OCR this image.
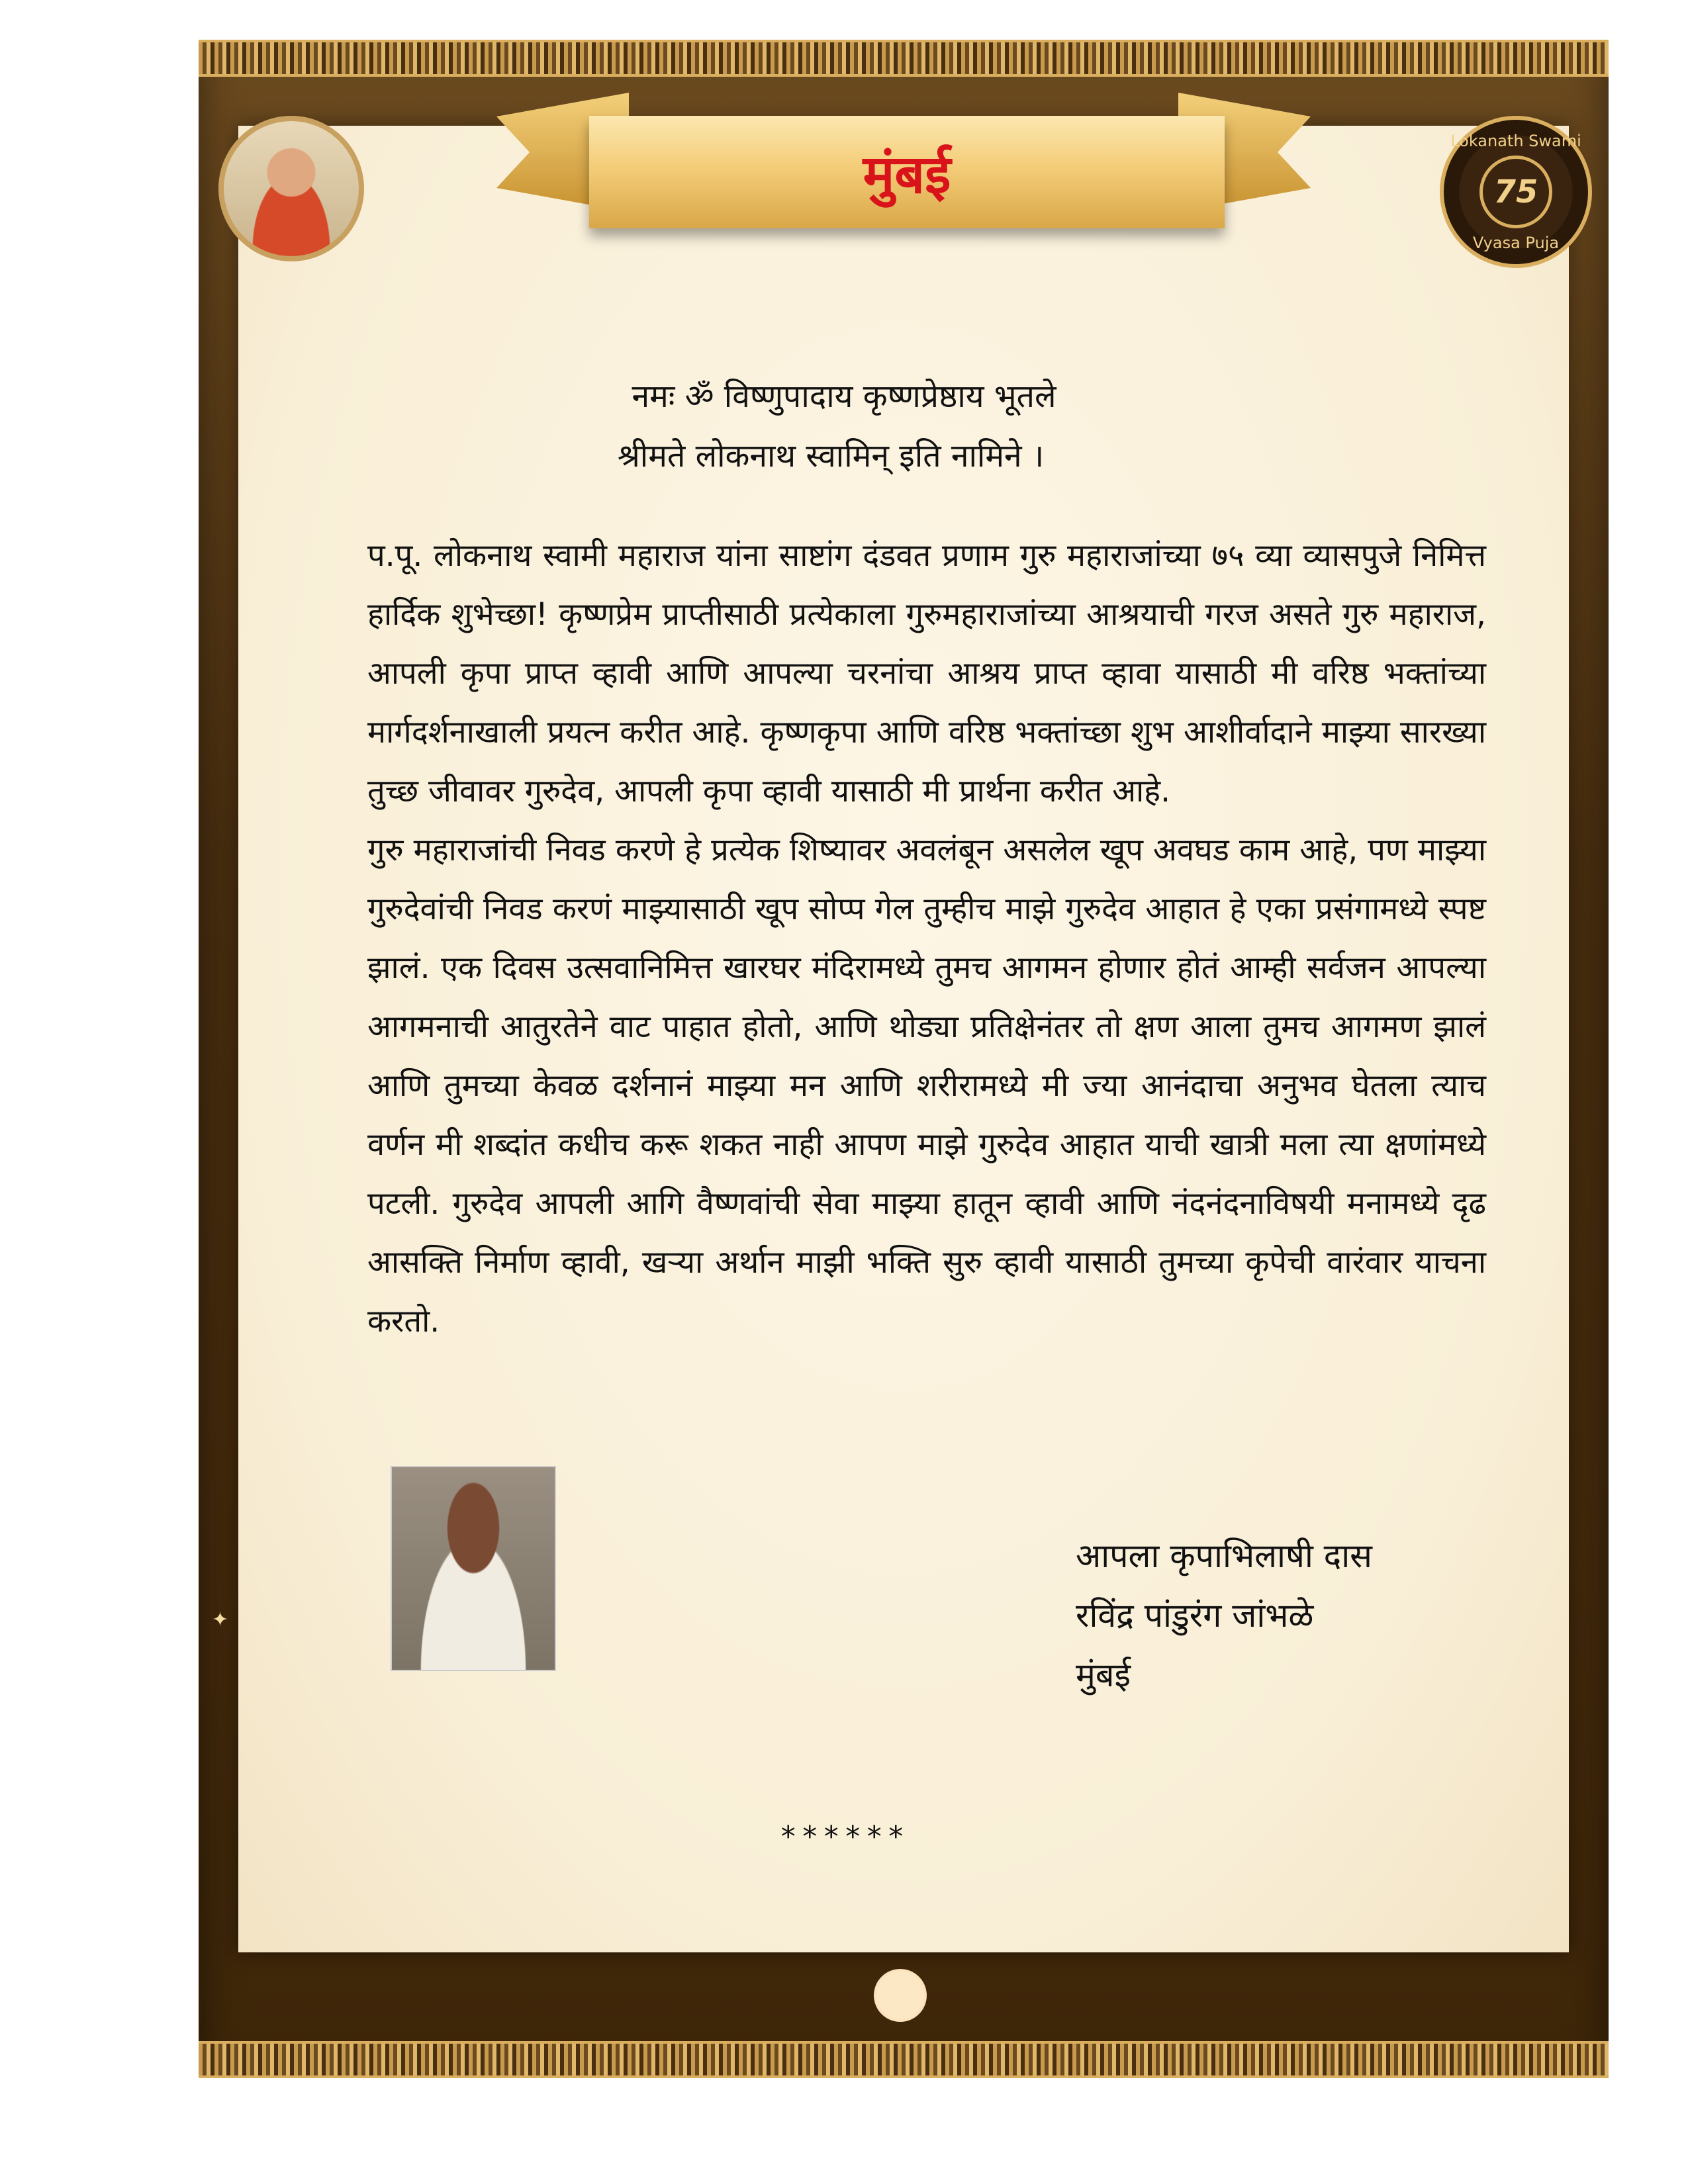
मुंबई
Lokanath Swami
75
Vyasa Puja
नमः ॐ विष्णुपादाय कृष्णप्रेष्ठाय भूतले
श्रीमते लोकनाथ स्वामिन् इति नामिने ।

प.पू. लोकनाथ स्वामी महाराज यांना साष्टांग दंडवत प्रणाम गुरु महाराजांच्या ७५ व्या व्यासपुजे निमित्त हार्दिक शुभेच्छा! कृष्णप्रेम प्राप्तीसाठी प्रत्येकाला गुरुमहाराजांच्या आश्रयाची गरज असते गुरु महाराज, आपली कृपा प्राप्त व्हावी आणि आपल्या चरनांचा आश्रय प्राप्त व्हावा यासाठी मी वरिष्ठ भक्तांच्या मार्गदर्शनाखाली प्रयत्न करीत आहे. कृष्णकृपा आणि वरिष्ठ भक्तांच्छा शुभ आशीर्वादाने माझ्या सारख्या तुच्छ जीवावर गुरुदेव, आपली कृपा व्हावी यासाठी मी प्रार्थना करीत आहे.

गुरु महाराजांची निवड करणे हे प्रत्येक शिष्यावर अवलंबून असलेल खूप अवघड काम आहे, पण माझ्या गुरुदेवांची निवड करणं माझ्यासाठी खूप सोप्प गेल तुम्हीच माझे गुरुदेव आहात हे एका प्रसंगामध्ये स्पष्ट झालं. एक दिवस उत्सवानिमित्त खारघर मंदिरामध्ये तुमच आगमन होणार होतं आम्ही सर्वजन आपल्या आगमनाची आतुरतेने वाट पाहात होतो, आणि थोड्या प्रतिक्षेनंतर तो क्षण आला तुमच आगमण झालं आणि तुमच्या केवळ दर्शनानं माझ्या मन आणि शरीरामध्ये मी ज्या आनंदाचा अनुभव घेतला त्याच वर्णन मी शब्दांत कधीच करू शकत नाही आपण माझे गुरुदेव आहात याची खात्री मला त्या क्षणांमध्ये पटली. गुरुदेव आपली आगि वैष्णवांची सेवा माझ्या हातून व्हावी आणि नंदनंदनाविषयी मनामध्ये दृढ आसक्ति निर्माण व्हावी, खऱ्या अर्थान माझी भक्ति सुरु व्हावी यासाठी तुमच्या कृपेची वारंवार याचना करतो.

आपला कृपाभिलाषी दास
रविंद्र पांडुरंग जांभळे
मुंबई
******
✦
